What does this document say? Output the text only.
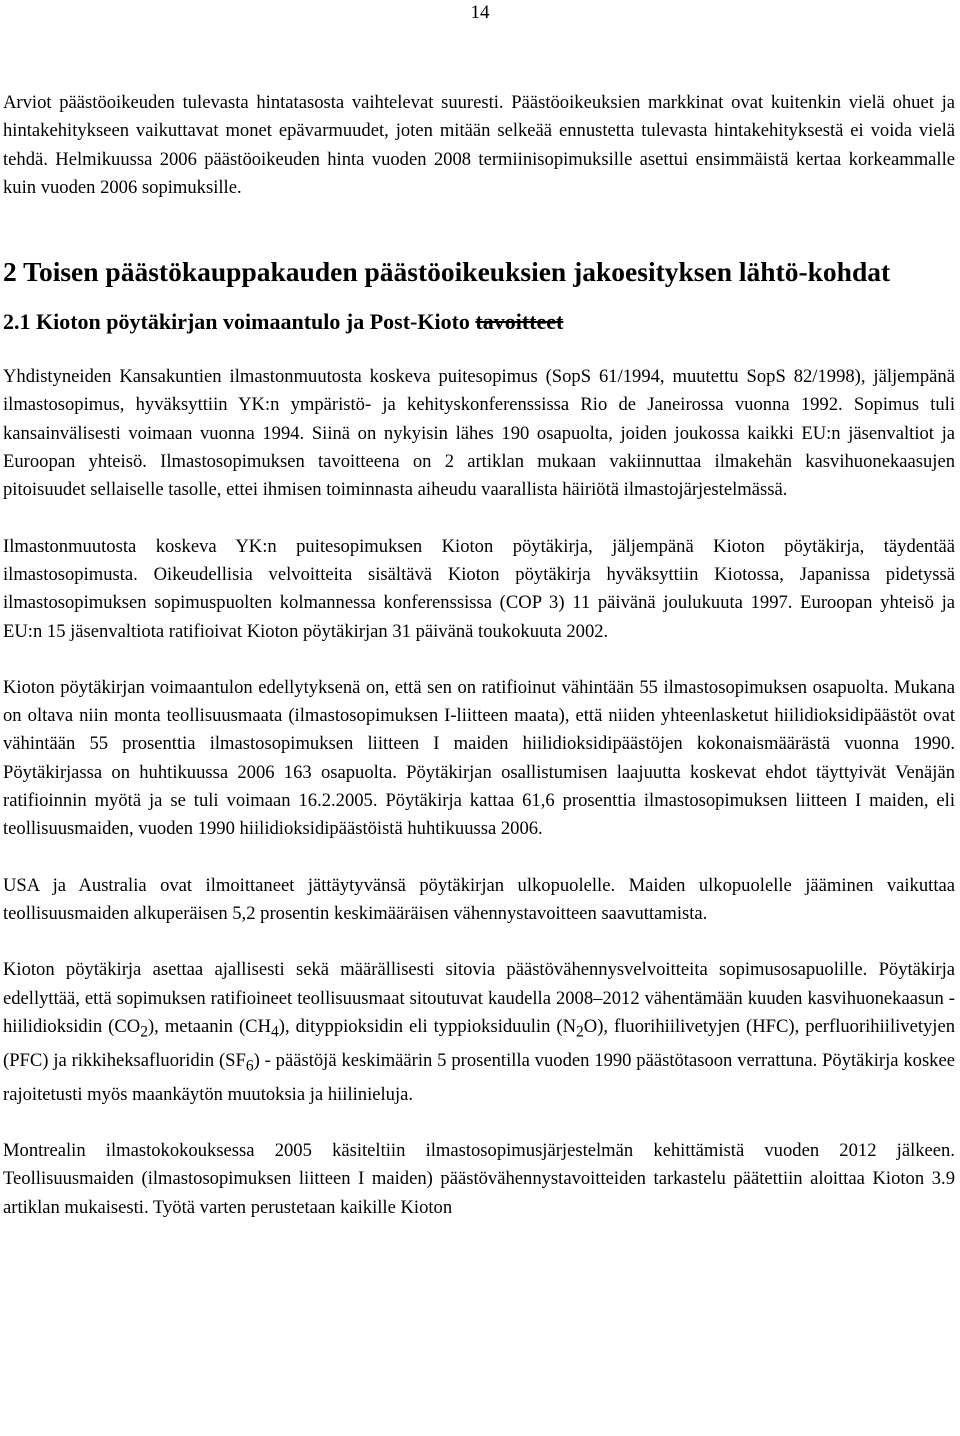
14

Arviot päästöoikeuden tulevasta hintatasosta vaihtelevat suuresti. Päästöoikeuksien markkinat ovat kuitenkin vielä ohuet ja hintakehitykseen vaikuttavat monet epävarmuudet, joten mitään selkeää ennustetta tulevasta hintakehityksestä ei voida vielä tehdä. Helmikuussa 2006 päästöoikeuden hinta vuoden 2008 termiinisopimuksille asettui ensimmäistä kertaa korkeammalle kuin vuoden 2006 sopimuksille.

2 Toisen päästökauppakauden päästöoikeuksien jakoesityksen lähtö-kohdat
2.1 Kioton pöytäkirjan voimaantulo ja Post-Kioto tavoitteet

Yhdistyneiden Kansakuntien ilmastonmuutosta koskeva puitesopimus (SopS 61/1994, muutettu SopS 82/1998), jäljempänä ilmastosopimus, hyväksyttiin YK:n ympäristö- ja kehityskonferenssissa Rio de Janeirossa vuonna 1992. Sopimus tuli kansainvälisesti voimaan vuonna 1994. Siinä on nykyisin lähes 190 osapuolta, joiden joukossa kaikki EU:n jäsenvaltiot ja Euroopan yhteisö. Ilmastosopimuksen tavoitteena on 2 artiklan mukaan vakiinnuttaa ilmakehän kasvihuonekaasujen pitoisuudet sellaiselle tasolle, ettei ihmisen toiminnasta aiheudu vaarallista häiriötä ilmastojärjestelmässä.

Ilmastonmuutosta koskeva YK:n puitesopimuksen Kioton pöytäkirja, jäljempänä Kioton pöytäkirja, täydentää ilmastosopimusta. Oikeudellisia velvoitteita sisältävä Kioton pöytäkirja hyväksyttiin Kiotossa, Japanissa pidetyssä ilmastosopimuksen sopimuspuolten kolmannessa konferenssissa (COP 3) 11 päivänä joulukuuta 1997. Euroopan yhteisö ja EU:n 15 jäsenvaltiota ratifioivat Kioton pöytäkirjan 31 päivänä toukokuuta 2002.

Kioton pöytäkirjan voimaantulon edellytyksenä on, että sen on ratifioinut vähintään 55 ilmastosopimuksen osapuolta. Mukana on oltava niin monta teollisuusmaata (ilmastosopimuksen I-liitteen maata), että niiden yhteenlasketut hiilidioksidipäästöt ovat vähintään 55 prosenttia ilmastosopimuksen liitteen I maiden hiilidioksidipäästöjen kokonaismäärästä vuonna 1990. Pöytäkirjassa on huhtikuussa 2006 163 osapuolta. Pöytäkirjan osallistumisen laajuutta koskevat ehdot täyttyivät Venäjän ratifioinnin myötä ja se tuli voimaan 16.2.2005. Pöytäkirja kattaa 61,6 prosenttia ilmastosopimuksen liitteen I maiden, eli teollisuusmaiden, vuoden 1990 hiilidioksidipäästöistä huhtikuussa 2006.

USA ja Australia ovat ilmoittaneet jättäytyvänsä pöytäkirjan ulkopuolelle. Maiden ulkopuolelle jääminen vaikuttaa teollisuusmaiden alkuperäisen 5,2 prosentin keskimääräisen vähennystavoitteen saavuttamista.

Kioton pöytäkirja asettaa ajallisesti sekä määrällisesti sitovia päästövähennysvelvoitteita sopimusosapuolille. Pöytäkirja edellyttää, että sopimuksen ratifioineet teollisuusmaat sitoutuvat kaudella 2008–2012 vähentämään kuuden kasvihuonekaasun - hiilidioksidin $(CO_2)$, metaanin $(CH_4)$, dityppioksidin eli typpioksiduulin $(N_2O)$, fluorihiilivetyjen (HFC), perfluorihiilivetyjen (PFC) ja rikkiheksafluoridin $(SF_6)$ - päästöjä keskimäärin 5 prosentilla vuoden 1990 päästötasoon verrattuna. Pöytäkirja koskee rajoitetusti myös maankäytön muutoksia ja hiilinieluja.

Montrealin ilmastokokouksessa 2005 käsiteltiin ilmastosopimusjärjestelmän kehittämistä vuoden 2012 jälkeen. Teollisuusmaiden (ilmastosopimuksen liitteen I maiden) päästövähennystavoitteiden tarkastelu päätettiin aloittaa Kioton 3.9 artiklan mukaisesti. Työtä varten perustetaan kaikille Kioton
